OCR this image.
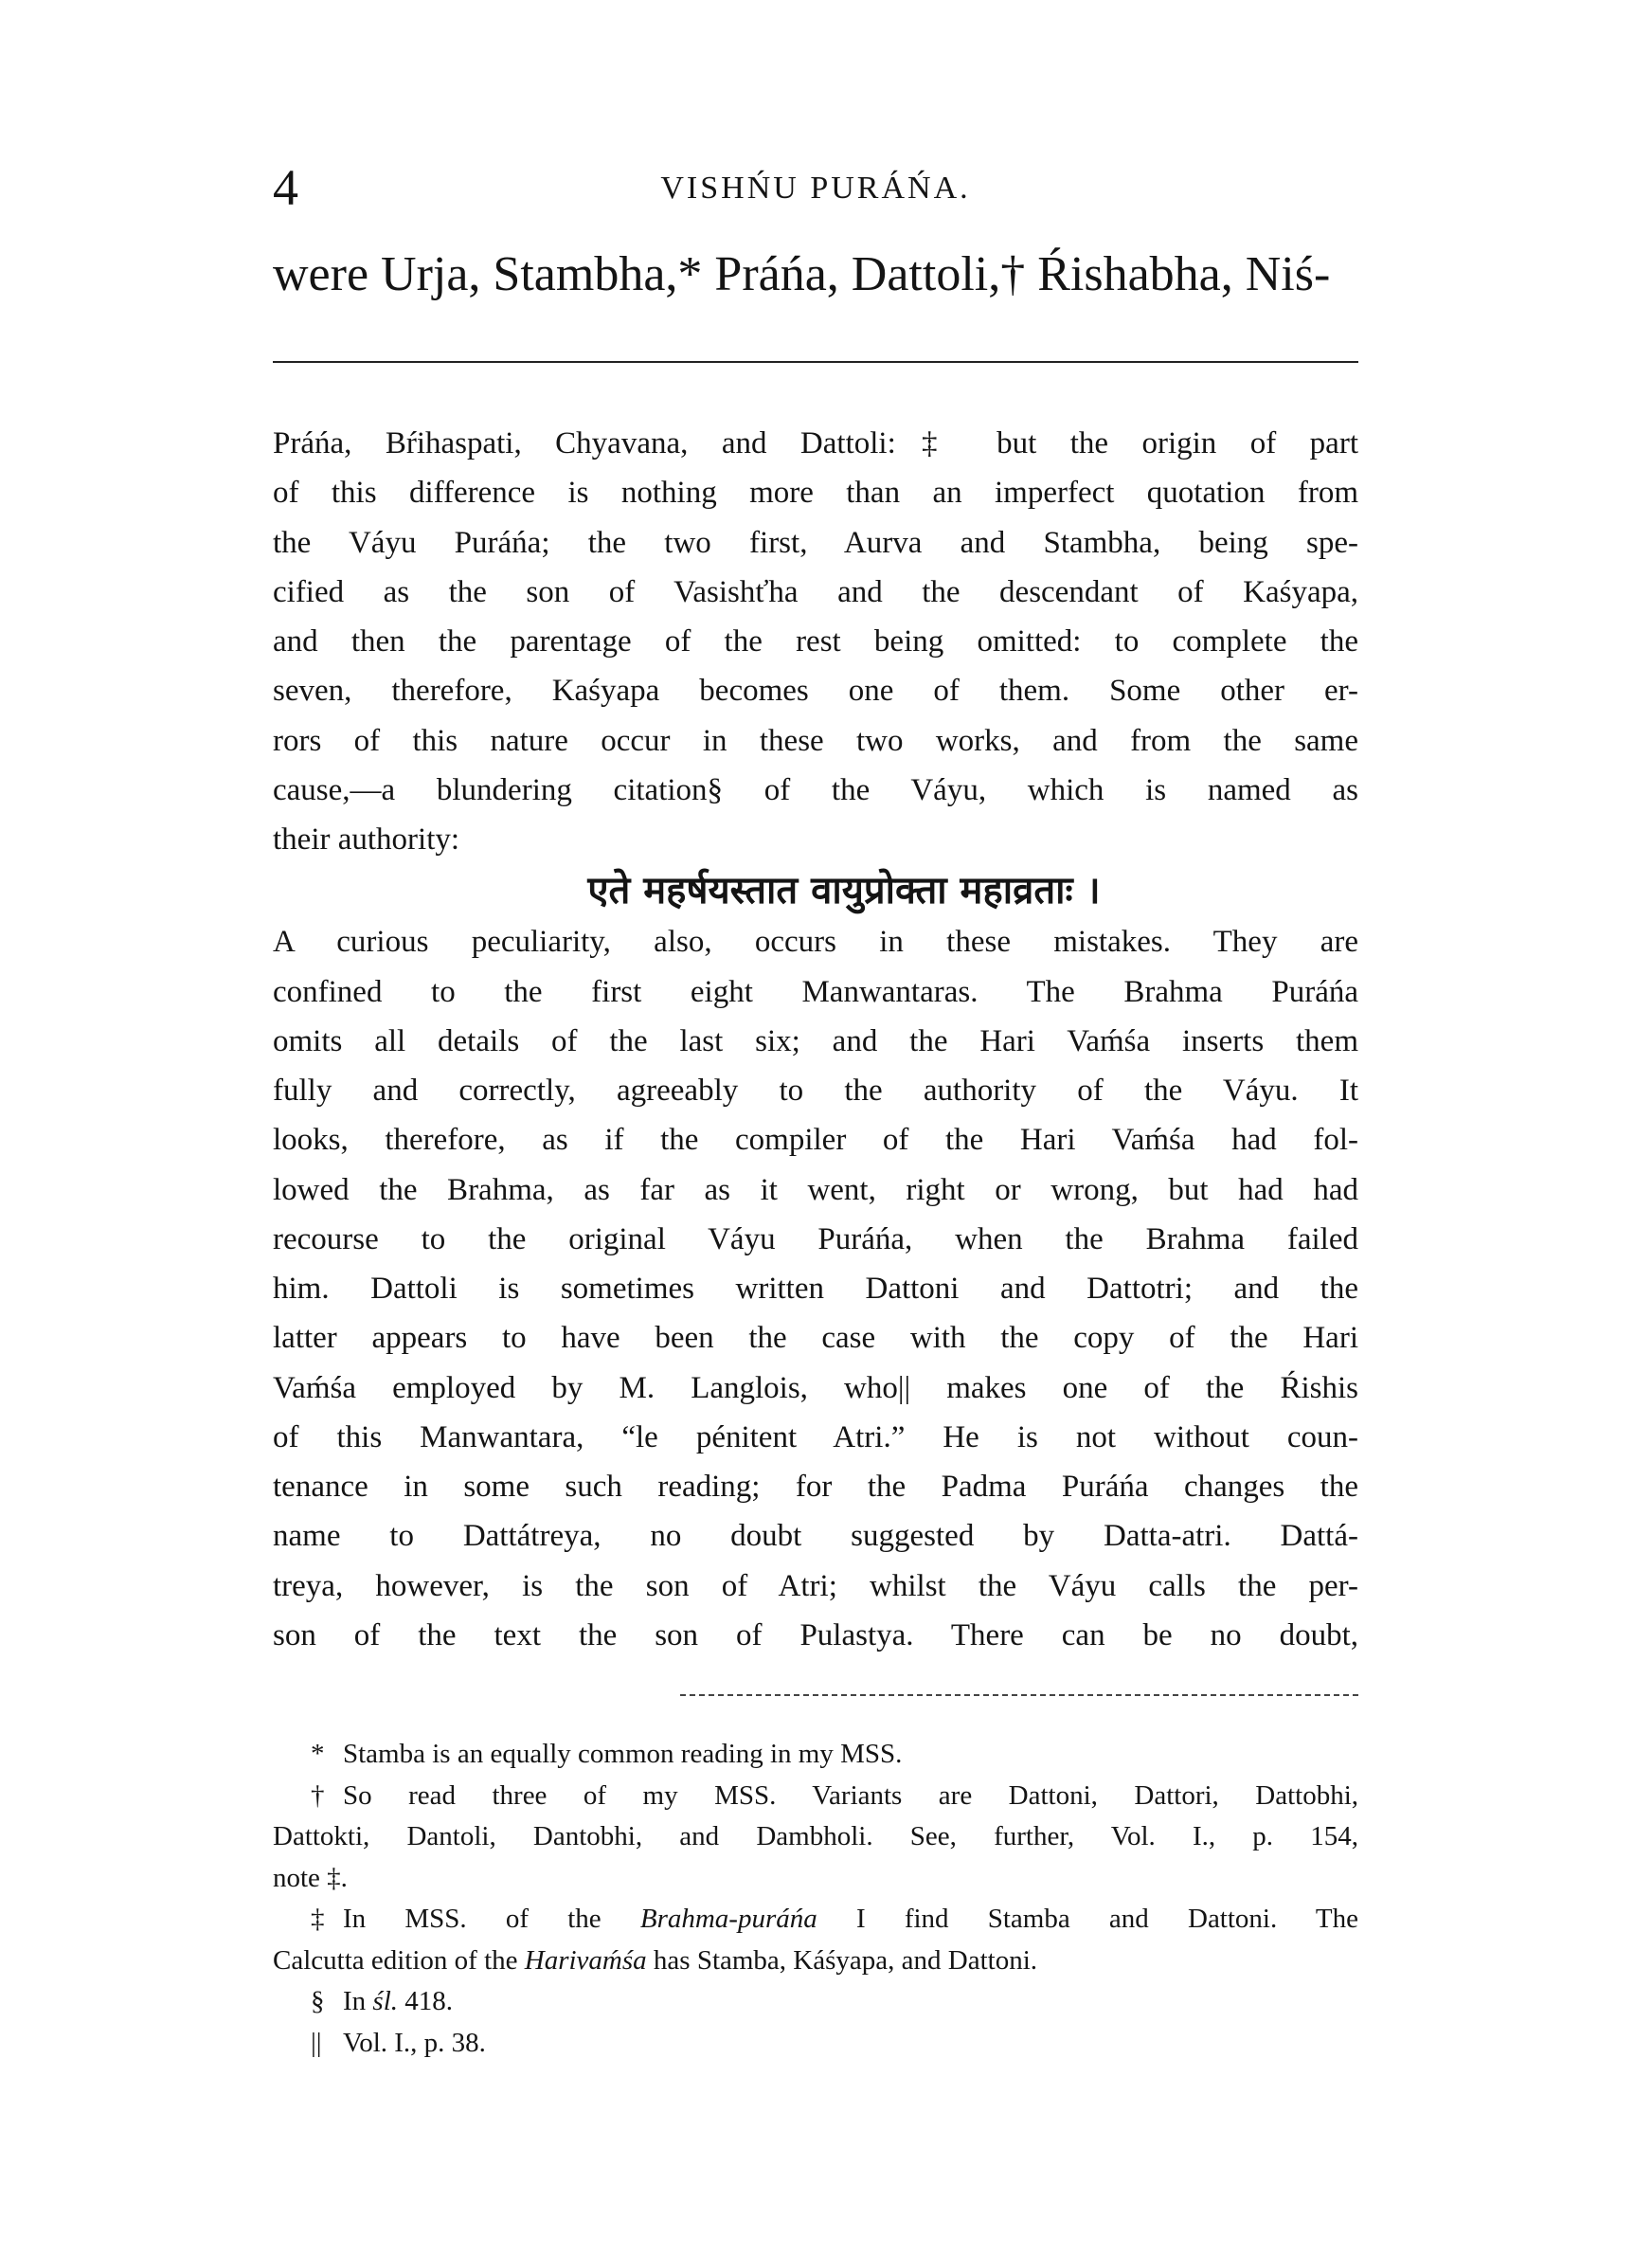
4	VISHŃU PURÁŃA.
were Urja, Stambha,* Práńa, Dattoli,† Ŕishabha, Niś-
Práńa, Bŕihaspati, Chyavana, and Dattoli:‡ but the origin of part
of this difference is nothing more than an imperfect quotation from
the Váyu Puráńa; the two first, Aurva and Stambha, being spe-
cified as the son of Vasishťha and the descendant of Kaśyapa,
and then the parentage of the rest being omitted: to complete the
seven, therefore, Kaśyapa becomes one of them. Some other er-
rors of this nature occur in these two works, and from the same
cause,—a blundering citation§ of the Váyu, which is named as
their authority:
एते महर्षयस्तात वायुप्रोक्ता महाव्रताः ।
A curious peculiarity, also, occurs in these mistakes. They are
confined to the first eight Manwantaras. The Brahma Puráńa
omits all details of the last six; and the Hari Vaḿśa inserts them
fully and correctly, agreeably to the authority of the Váyu. It
looks, therefore, as if the compiler of the Hari Vaḿśa had fol-
lowed the Brahma, as far as it went, right or wrong, but had had
recourse to the original Váyu Puráńa, when the Brahma failed
him. Dattoli is sometimes written Dattoni and Dattotri; and the
latter appears to have been the case with the copy of the Hari
Vaḿśa employed by M. Langlois, who|| makes one of the Ŕishis
of this Manwantara, “le pénitent Atri.” He is not without coun-
tenance in some such reading; for the Padma Puráńa changes the
name to Dattátreya, no doubt suggested by Datta-atri. Dattá-
treya, however, is the son of Atri; whilst the Váyu calls the per-
son of the text the son of Pulastya. There can be no doubt,
* Stamba is an equally common reading in my MSS.
† So read three of my MSS. Variants are Dattoni, Dattori, Dattobhi,
Dattokti, Dantoli, Dantobhi, and Dambholi. See, further, Vol. I., p. 154,
note ‡.
‡ In MSS. of the Brahma-puráńa I find Stamba and Dattoni. The
Calcutta edition of the Harivaḿśa has Stamba, Káśyapa, and Dattoni.
§ In śl. 418.
|| Vol. I., p. 38.
